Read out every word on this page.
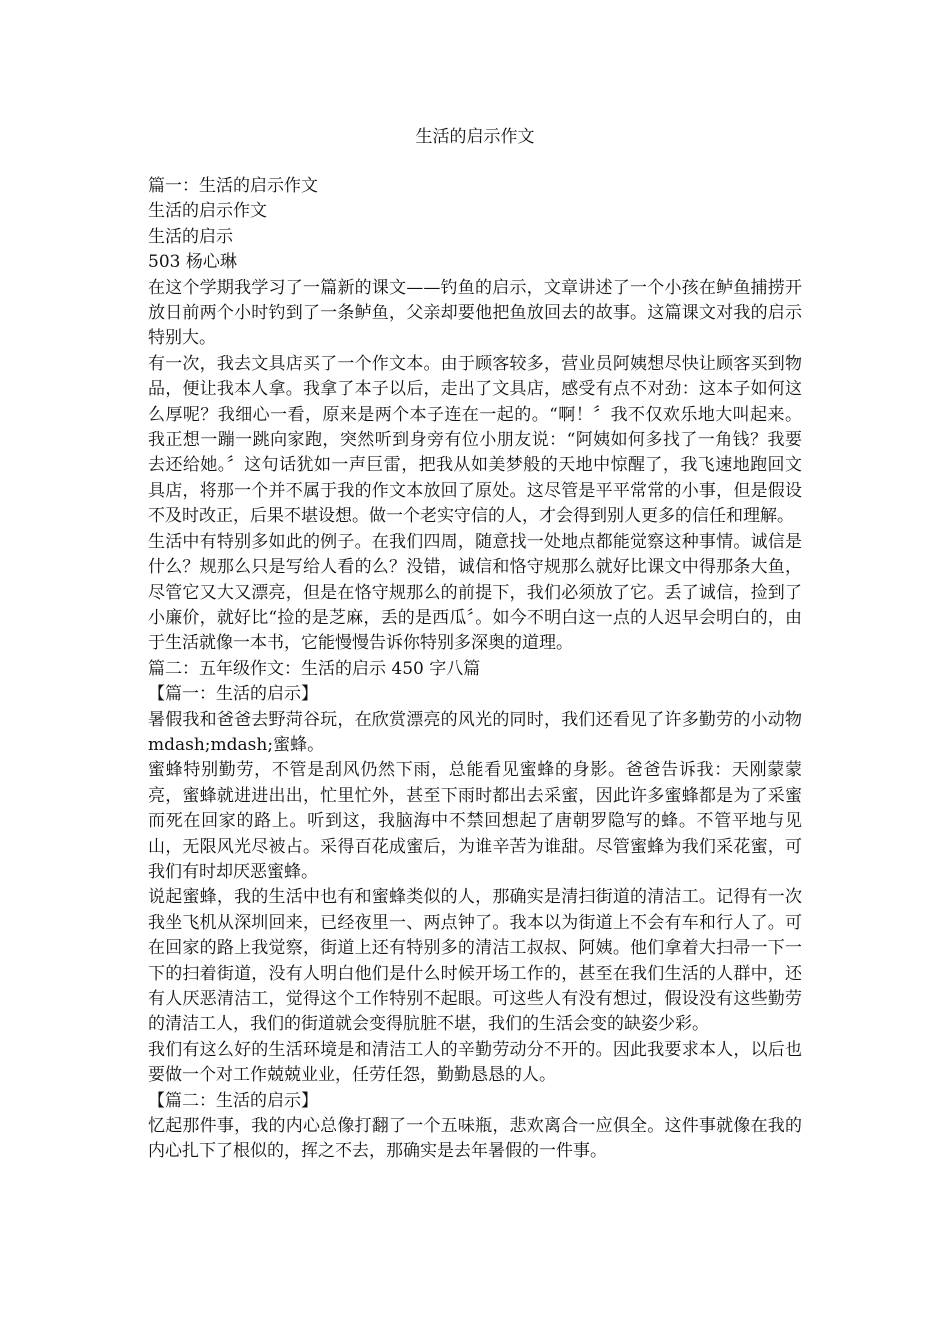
生活的启示作文

篇一：生活的启示作文

生活的启示作文

生活的启示

503 杨心琳

在这个学期我学习了一篇新的课文——钓鱼的启示，文章讲述了一个小孩在鲈鱼捕捞开放日前两个小时钓到了一条鲈鱼，父亲却要他把鱼放回去的故事。这篇课文对我的启示特别大。

有一次，我去文具店买了一个作文本。由于顾客较多，营业员阿姨想尽快让顾客买到物品，便让我本人拿。我拿了本子以后，走出了文具店，感受有点不对劲：这本子如何这么厚呢？我细心一看，原来是两个本子连在一起的。“啊！〞我不仅欢乐地大叫起来。我正想一蹦一跳向家跑，突然听到身旁有位小朋友说：“阿姨如何多找了一角钱？我要去还给她。〞这句话犹如一声巨雷，把我从如美梦般的天地中惊醒了，我飞速地跑回文具店，将那一个并不属于我的作文本放回了原处。这尽管是平平常常的小事，但是假设不及时改正，后果不堪设想。做一个老实守信的人，才会得到别人更多的信任和理解。

生活中有特别多如此的例子。在我们四周，随意找一处地点都能觉察这种事情。诚信是什么？规那么只是写给人看的么？没错，诚信和恪守规那么就好比课文中得那条大鱼，尽管它又大又漂亮，但是在恪守规那么的前提下，我们必须放了它。丢了诚信，捡到了小廉价，就好比“捡的是芝麻，丢的是西瓜〞。如今不明白这一点的人迟早会明白的，由于生活就像一本书，它能慢慢告诉你特别多深奥的道理。

篇二：五年级作文：生活的启示 450 字八篇

【篇一：生活的启示】

暑假我和爸爸去野菏谷玩，在欣赏漂亮的风光的同时，我们还看见了许多勤劳的小动物 mdash;mdash;蜜蜂。

蜜蜂特别勤劳，不管是刮风仍然下雨，总能看见蜜蜂的身影。爸爸告诉我：天刚蒙蒙亮，蜜蜂就进进出出，忙里忙外，甚至下雨时都出去采蜜，因此许多蜜蜂都是为了采蜜而死在回家的路上。听到这，我脑海中不禁回想起了唐朝罗隐写的蜂。不管平地与见山，无限风光尽被占。采得百花成蜜后，为谁辛苦为谁甜。尽管蜜蜂为我们采花蜜，可我们有时却厌恶蜜蜂。

说起蜜蜂，我的生活中也有和蜜蜂类似的人，那确实是清扫街道的清洁工。记得有一次我坐飞机从深圳回来，已经夜里一、两点钟了。我本以为街道上不会有车和行人了。可在回家的路上我觉察，街道上还有特别多的清洁工叔叔、阿姨。他们拿着大扫帚一下一下的扫着街道，没有人明白他们是什么时候开场工作的，甚至在我们生活的人群中，还有人厌恶清洁工，觉得这个工作特别不起眼。可这些人有没有想过，假设没有这些勤劳的清洁工人，我们的街道就会变得肮脏不堪，我们的生活会变的缺姿少彩。

我们有这么好的生活环境是和清洁工人的辛勤劳动分不开的。因此我要求本人，以后也要做一个对工作兢兢业业，任劳任怨，勤勤恳恳的人。

【篇二：生活的启示】

忆起那件事，我的内心总像打翻了一个五味瓶，悲欢离合一应俱全。这件事就像在我的内心扎下了根似的，挥之不去，那确实是去年暑假的一件事。
